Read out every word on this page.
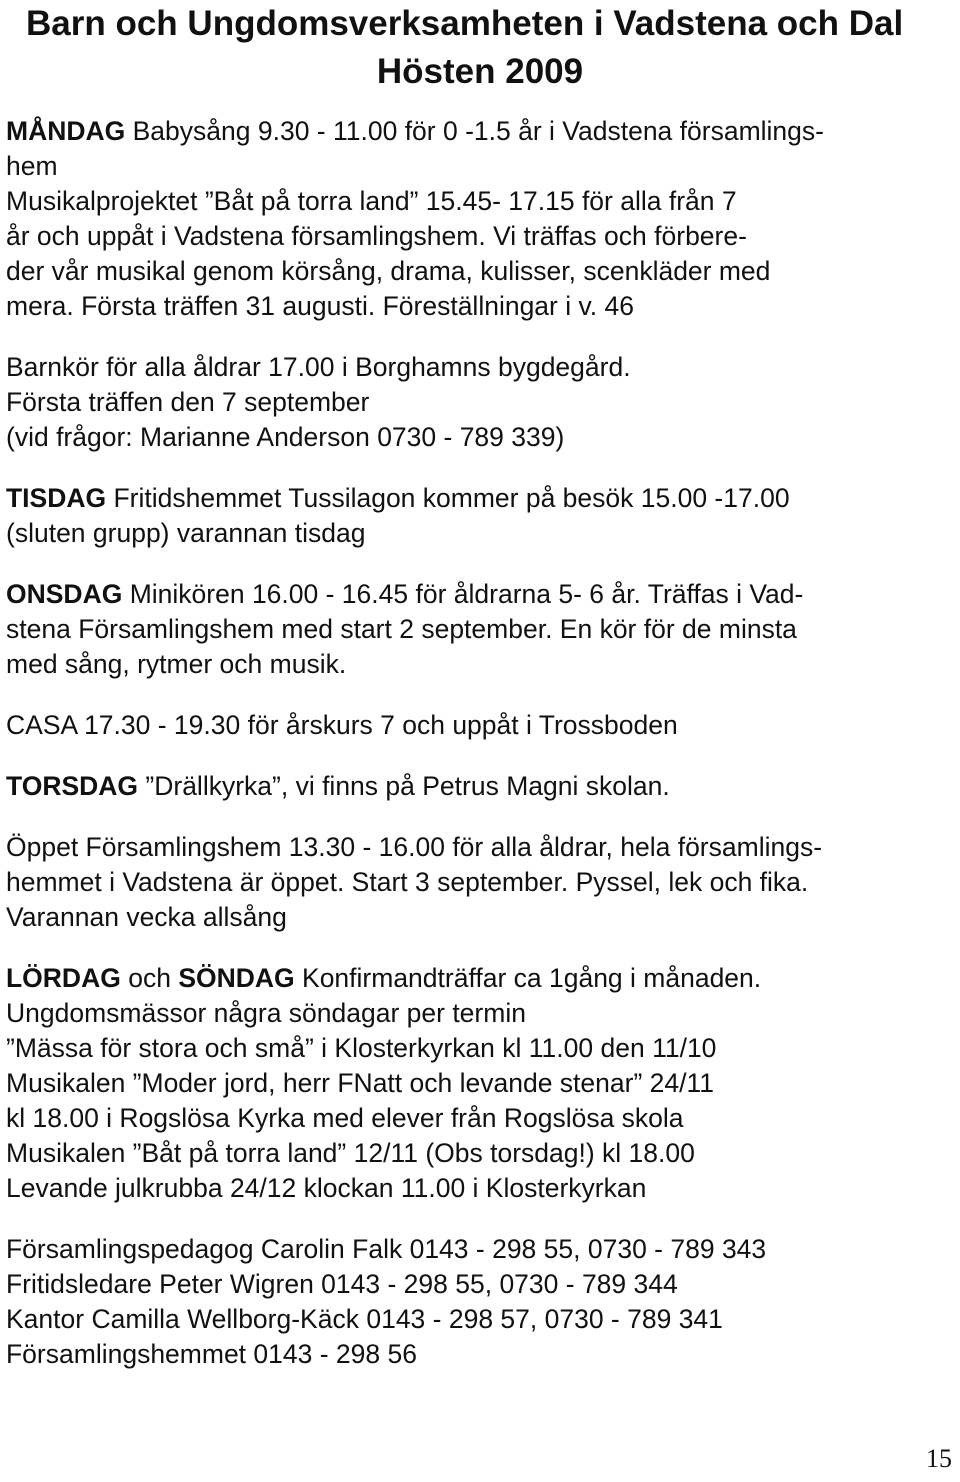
Barn och Ungdomsverksamheten i Vadstena och Dal
Hösten 2009
MÅNDAG Babysång 9.30 - 11.00 för 0 -1.5 år i Vadstena församlings-
hem
Musikalprojektet ”Båt på torra land” 15.45- 17.15 för alla från 7
år och uppåt i Vadstena församlingshem. Vi träffas och förbere-
der vår musikal genom körsång, drama, kulisser, scenkläder med
mera. Första träffen 31 augusti. Föreställningar i v. 46
Barnkör för alla åldrar 17.00 i Borghamns bygdegård.
Första träffen den 7 september
(vid frågor: Marianne Anderson 0730 - 789 339)
TISDAG Fritidshemmet Tussilagon kommer på besök 15.00 -17.00
(sluten grupp) varannan tisdag
ONSDAG Minikören 16.00 - 16.45 för åldrarna 5- 6 år. Träffas i Vad-
stena Församlingshem med start 2 september. En kör för de minsta
med sång, rytmer och musik.
CASA 17.30 - 19.30 för årskurs 7 och uppåt i Trossboden
TORSDAG ”Drällkyrka”, vi finns på Petrus Magni skolan.
Öppet Församlingshem 13.30 - 16.00 för alla åldrar, hela församlings-
hemmet i Vadstena är öppet. Start 3 september. Pyssel, lek och fika.
Varannan vecka allsång
LÖRDAG och SÖNDAG Konfirmandträffar ca 1gång i månaden.
Ungdomsmässor några söndagar per termin
”Mässa för stora och små” i Klosterkyrkan kl 11.00 den 11/10
Musikalen ”Moder jord, herr FNatt och levande stenar” 24/11
kl 18.00 i Rogslösa Kyrka med elever från Rogslösa skola
Musikalen ”Båt på torra land” 12/11 (Obs torsdag!) kl 18.00
Levande julkrubba 24/12 klockan 11.00 i Klosterkyrkan
Församlingspedagog Carolin Falk 0143 - 298 55, 0730 - 789 343
Fritidsledare Peter Wigren 0143 - 298 55, 0730 - 789 344
Kantor Camilla Wellborg-Käck 0143 - 298 57, 0730 - 789 341
Församlingshemmet 0143 - 298 56
15
